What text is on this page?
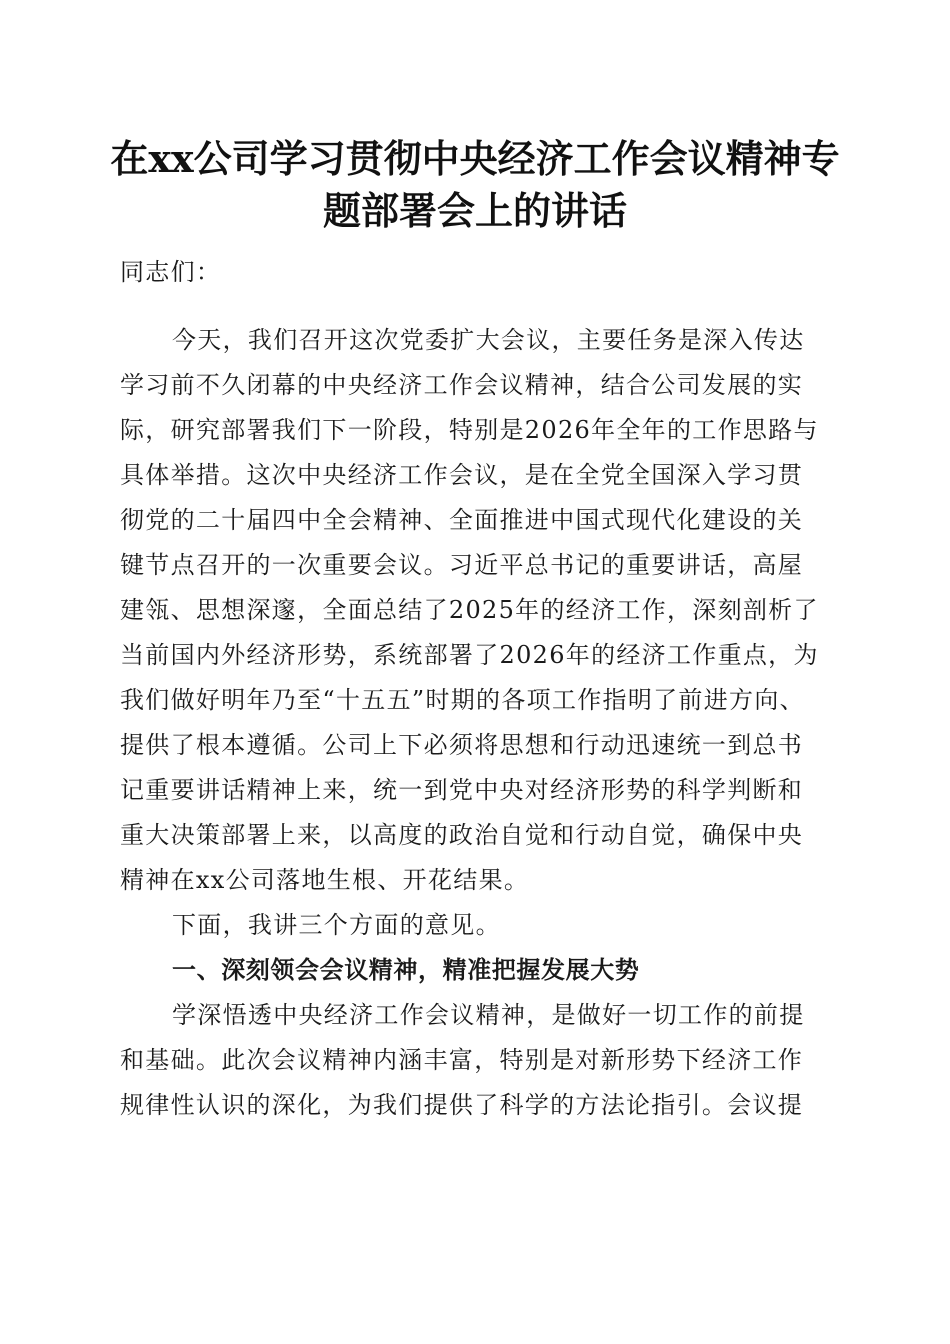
在xx公司学习贯彻中央经济工作会议精神专
题部署会上的讲话
同志们：
今天，我们召开这次党委扩大会议，主要任务是深入传达
学习前不久闭幕的中央经济工作会议精神，结合公司发展的实
际，研究部署我们下一阶段，特别是2026年全年的工作思路与
具体举措。这次中央经济工作会议，是在全党全国深入学习贯
彻党的二十届四中全会精神、全面推进中国式现代化建设的关
键节点召开的一次重要会议。习近平总书记的重要讲话，高屋
建瓴、思想深邃，全面总结了2025年的经济工作，深刻剖析了
当前国内外经济形势，系统部署了2026年的经济工作重点，为
我们做好明年乃至“十五五”时期的各项工作指明了前进方向、
提供了根本遵循。公司上下必须将思想和行动迅速统一到总书
记重要讲话精神上来，统一到党中央对经济形势的科学判断和
重大决策部署上来，以高度的政治自觉和行动自觉，确保中央
精神在xx公司落地生根、开花结果。
下面，我讲三个方面的意见。
一、深刻领会会议精神，精准把握发展大势
学深悟透中央经济工作会议精神，是做好一切工作的前提
和基础。此次会议精神内涵丰富，特别是对新形势下经济工作
规律性认识的深化，为我们提供了科学的方法论指引。会议提
